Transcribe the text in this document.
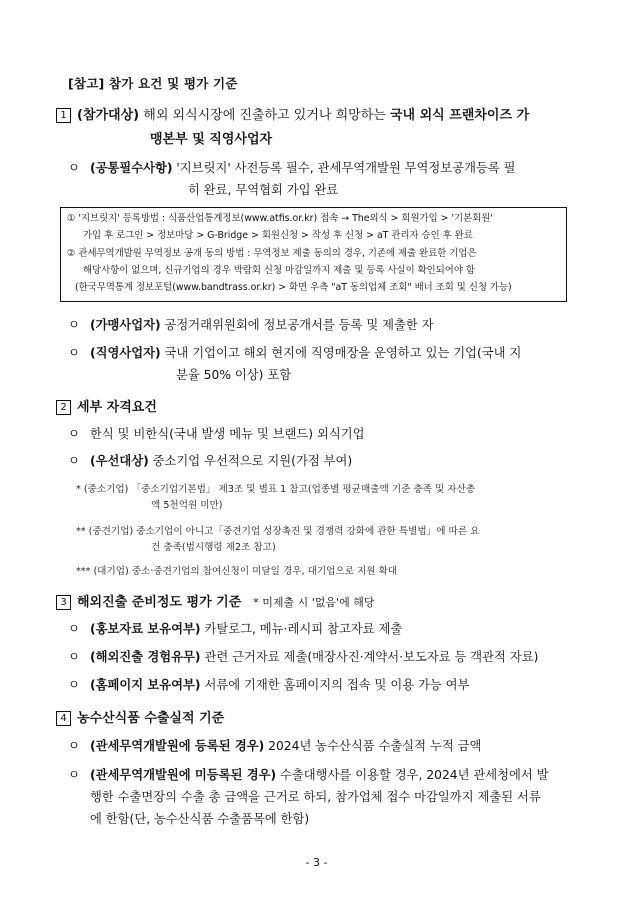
[참고] 참가 요건 및 평가 기준
1 (참가대상) 해외 외식시장에 진출하고 있거나 희망하는 국내 외식 프랜차이즈 가
맹본부 및 직영사업자
ㅇ (공통필수사항) '지브릿지' 사전등록 필수, 관세무역개발원 무역정보공개등록 필
히 완료, 무역협회 가입 완료
① '지브릿지' 등록방법 : 식품산업통계정보(www.atfis.or.kr) 접속 → The외식 > 회원가입 > '기본회원'
가입 후 로그인 > 정보마당 > G-Bridge > 회원신청 > 작성 후 신청 > aT 관리자 승인 후 완료
② 관세무역개발원 무역정보 공개 동의 방법 : 무역정보 제출 동의의 경우, 기존에 제출 완료한 기업은
해당사항이 없으며, 신규기업의 경우 박람회 신청 마감일까지 제출 및 등록 사실이 확인되어야 함
(한국무역통계 정보포털(www.bandtrass.or.kr) > 화면 우측 "aT 동의업체 조회" 배너 조회 및 신청 가능)
ㅇ (가맹사업자) 공정거래위원회에 정보공개서를 등록 및 제출한 자
ㅇ (직영사업자) 국내 기업이고 해외 현지에 직영매장을 운영하고 있는 기업(국내 지
분율 50% 이상) 포함
2 세부 자격요건
ㅇ 한식 및 비한식(국내 발생 메뉴 및 브랜드) 외식기업
ㅇ (우선대상) 중소기업 우선적으로 지원(가점 부여)
* (중소기업) 「중소기업기본법」 제3조 및 별표 1 참고(업종별 평균매출액 기준 충족 및 자산총
액 5천억원 미만)
** (중견기업) 중소기업이 아니고「중견기업 성장촉진 및 경쟁력 강화에 관한 특별법」에 따른 요
건 충족(법시행령 제2조 참고)
*** (대기업) 중소·중견기업의 참여신청이 미달일 경우, 대기업으로 지원 확대
3 해외진출 준비정도 평가 기준 * 미제출 시 '없음'에 해당
ㅇ (홍보자료 보유여부) 카탈로그, 메뉴·레시피 참고자료 제출
ㅇ (해외진출 경험유무) 관련 근거자료 제출(매장사진·계약서·보도자료 등 객관적 자료)
ㅇ (홈페이지 보유여부) 서류에 기재한 홈페이지의 접속 및 이용 가능 여부
4 농수산식품 수출실적 기준
ㅇ (관세무역개발원에 등록된 경우) 2024년 농수산식품 수출실적 누적 금액
ㅇ (관세무역개발원에 미등록된 경우) 수출대행사를 이용할 경우, 2024년 관세청에서 발
행한 수출면장의 수출 총 금액을 근거로 하되, 참가업체 접수 마감일까지 제출된 서류
에 한함(단, 농수산식품 수출품목에 한함)
- 3 -
